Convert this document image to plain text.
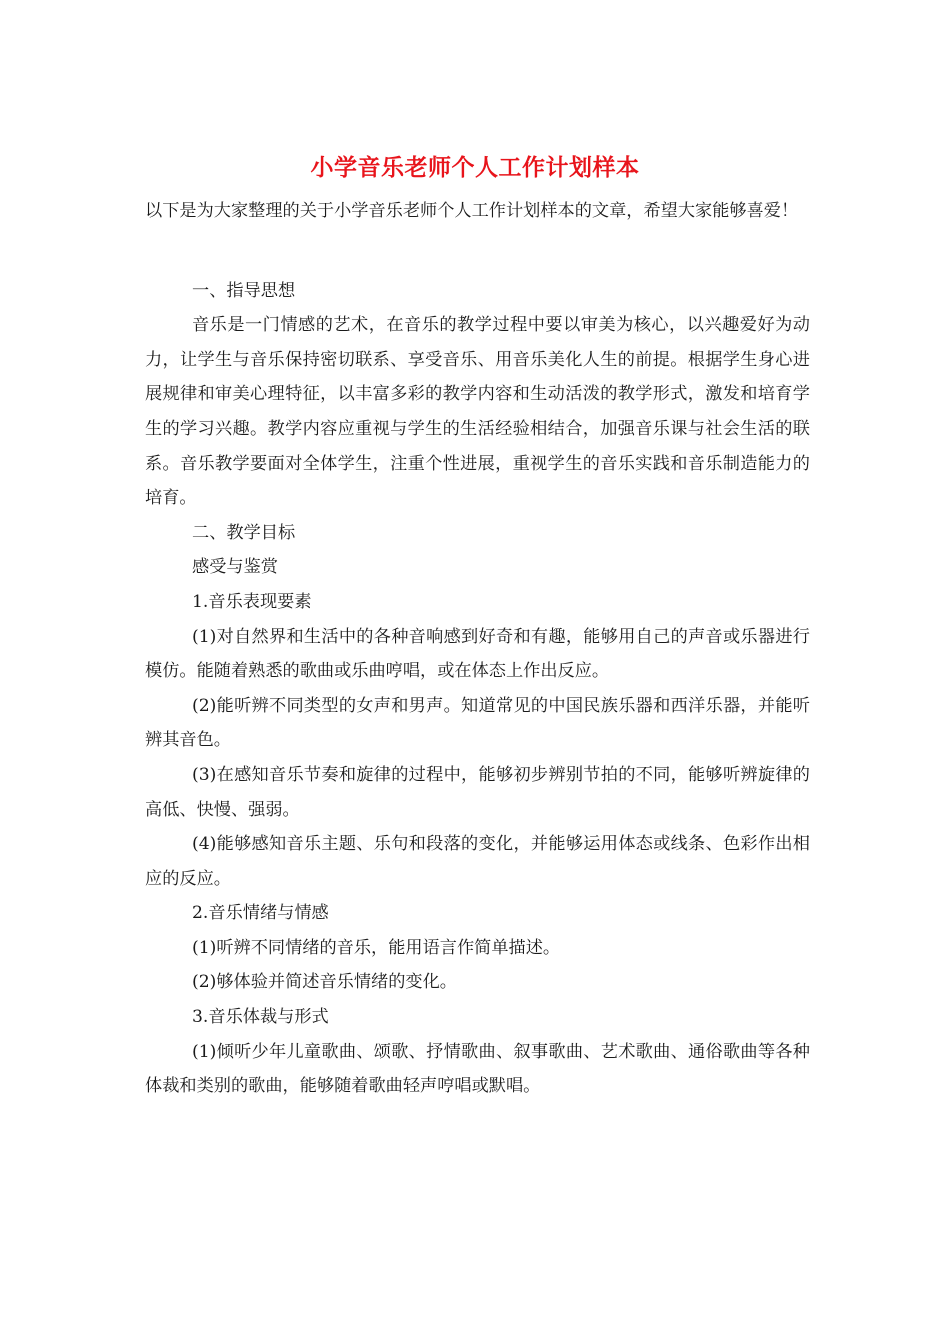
小学音乐老师个人工作计划样本

以下是为大家整理的关于小学音乐老师个人工作计划样本的文章，希望大家能够喜爱！

一、指导思想

音乐是一门情感的艺术，在音乐的教学过程中要以审美为核心，以兴趣爱好为动力，让学生与音乐保持密切联系、享受音乐、用音乐美化人生的前提。根据学生身心进展规律和审美心理特征，以丰富多彩的教学内容和生动活泼的教学形式，激发和培育学生的学习兴趣。教学内容应重视与学生的生活经验相结合，加强音乐课与社会生活的联系。音乐教学要面对全体学生，注重个性进展，重视学生的音乐实践和音乐制造能力的培育。

二、教学目标

感受与鉴赏

1.音乐表现要素

(1)对自然界和生活中的各种音响感到好奇和有趣，能够用自己的声音或乐器进行模仿。能随着熟悉的歌曲或乐曲哼唱，或在体态上作出反应。

(2)能听辨不同类型的女声和男声。知道常见的中国民族乐器和西洋乐器，并能听辨其音色。

(3)在感知音乐节奏和旋律的过程中，能够初步辨别节拍的不同，能够听辨旋律的高低、快慢、强弱。

(4)能够感知音乐主题、乐句和段落的变化，并能够运用体态或线条、色彩作出相应的反应。

2.音乐情绪与情感

(1)听辨不同情绪的音乐，能用语言作简单描述。

(2)够体验并简述音乐情绪的变化。

3.音乐体裁与形式

(1)倾听少年儿童歌曲、颂歌、抒情歌曲、叙事歌曲、艺术歌曲、通俗歌曲等各种体裁和类别的歌曲，能够随着歌曲轻声哼唱或默唱。
